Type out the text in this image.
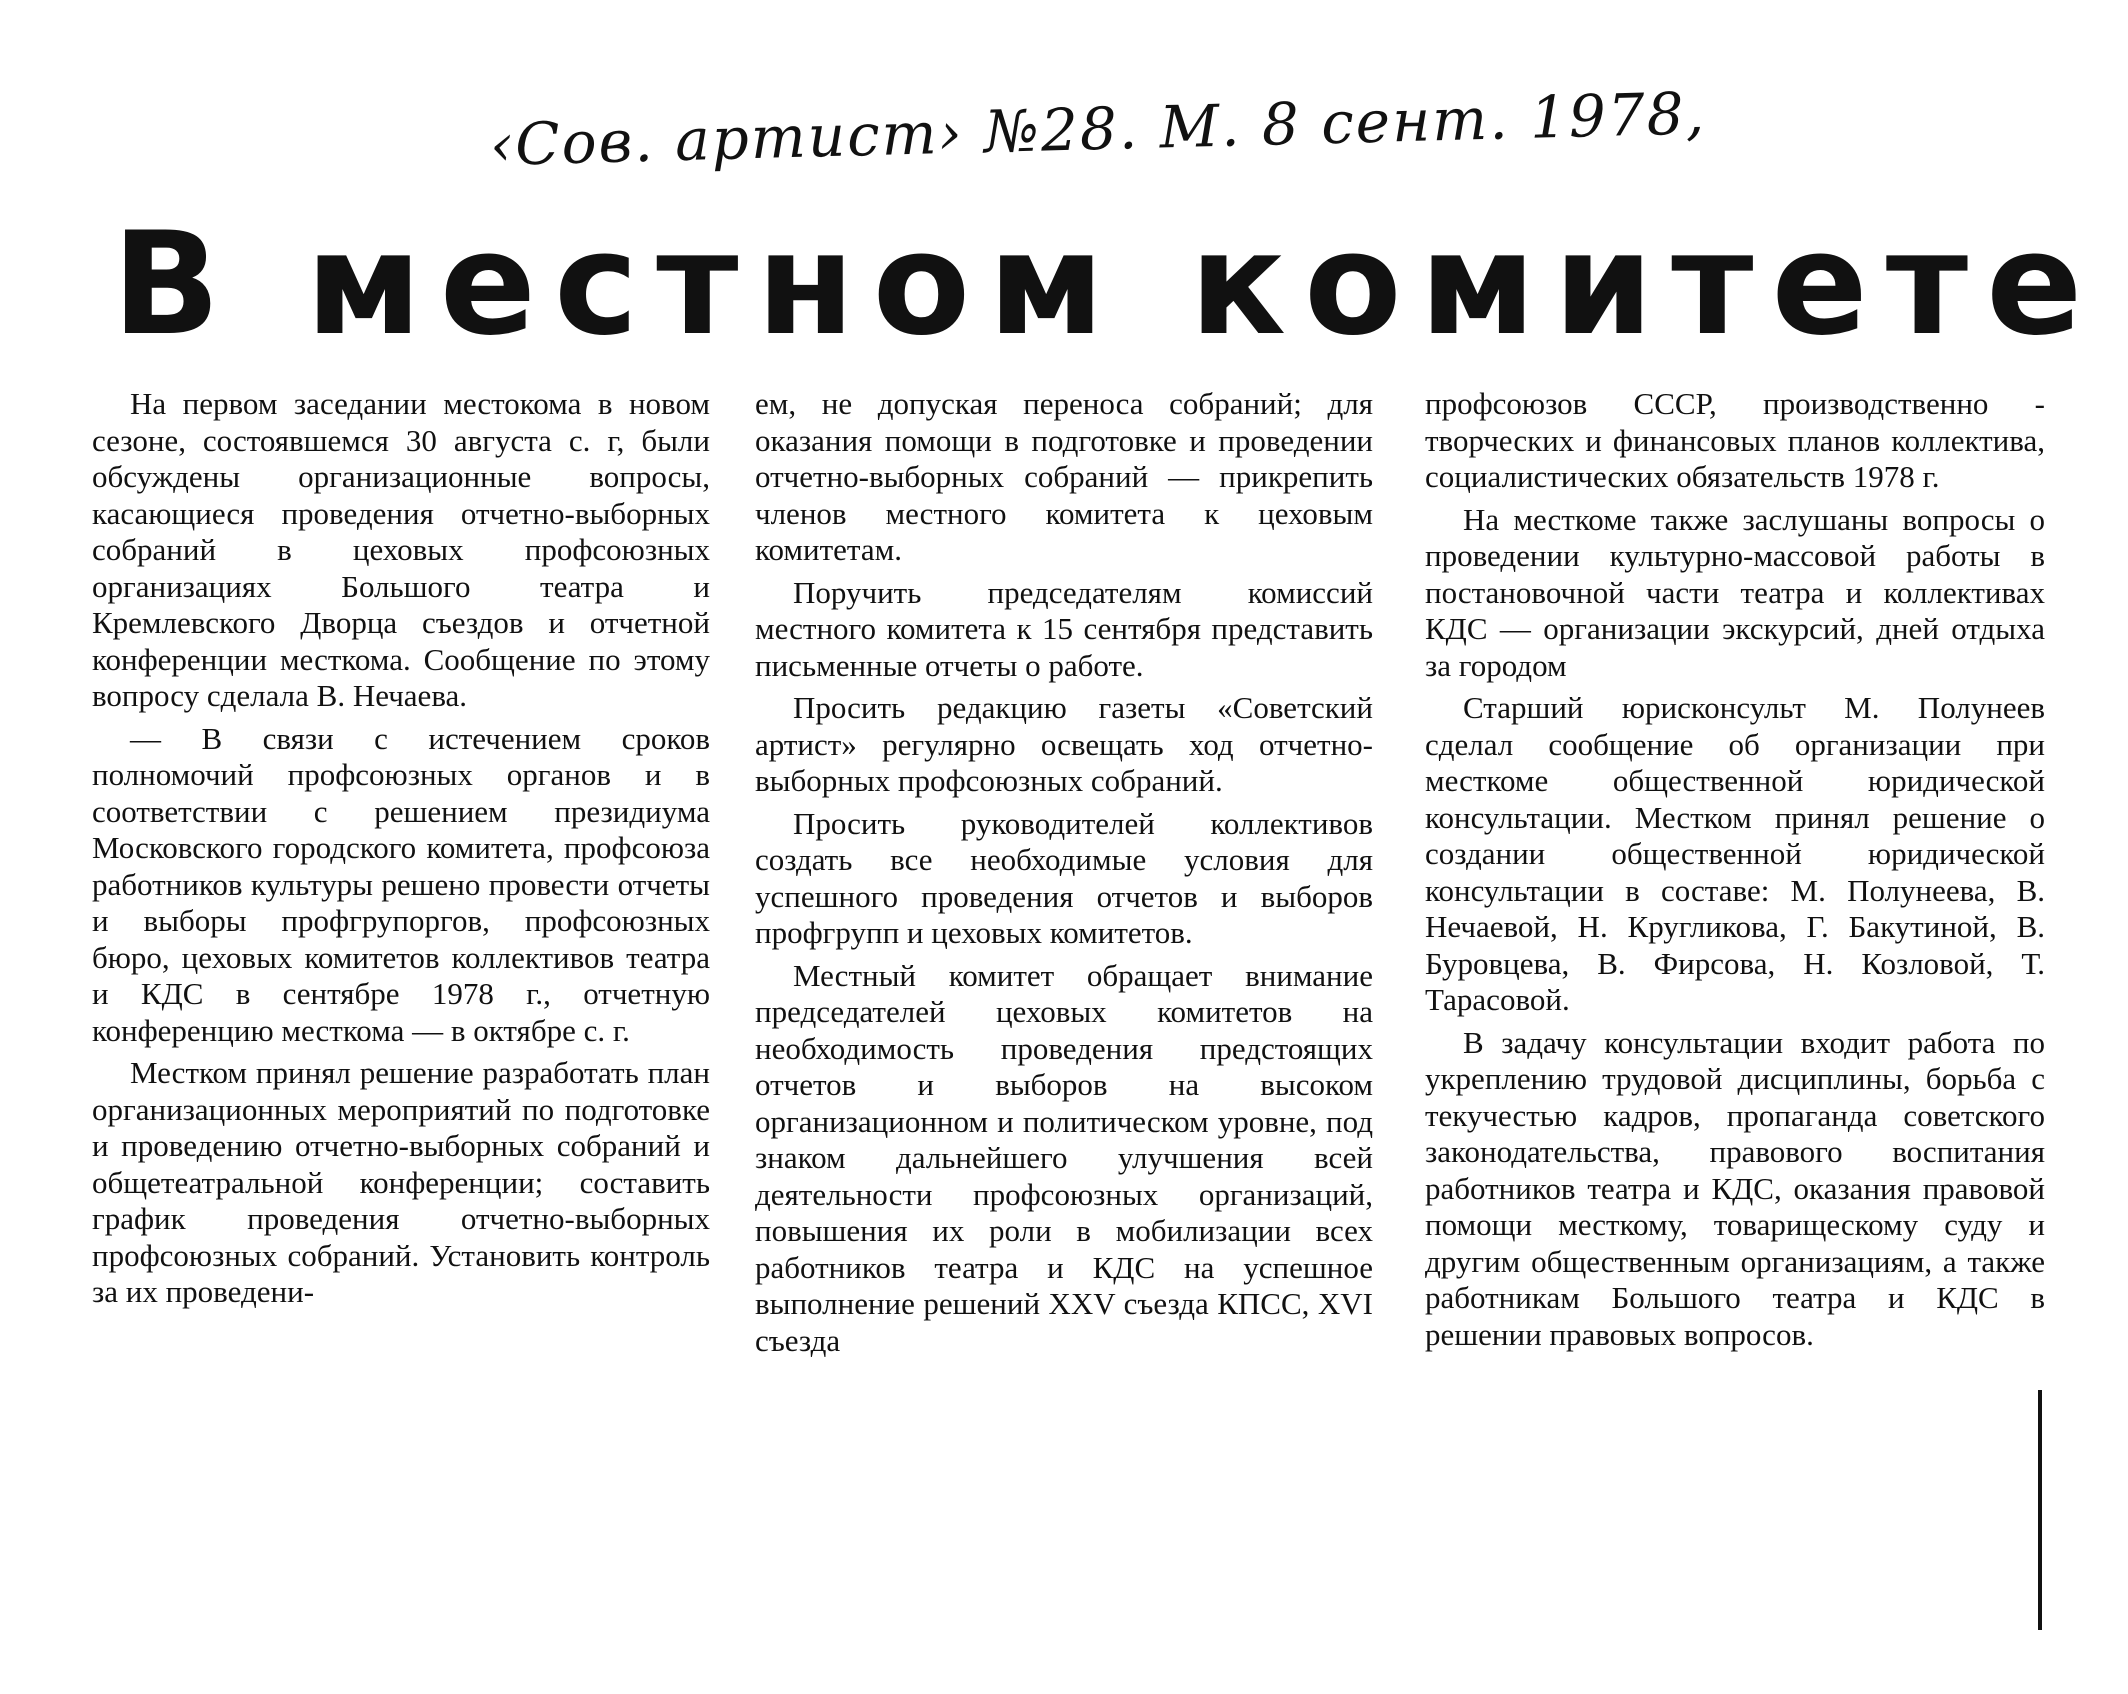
‹Сов. артист› №28. М. 8 сент. 1978,
В местном комитете

На первом заседании местокома в новом сезоне, состоявшемся 30 августа с. г, были обсуждены организационные вопросы, касающиеся проведения отчетно-выборных собраний в цеховых профсоюзных организациях Большого театра и Кремлевского Дворца съездов и отчетной конференции месткома. Сообщение по этому вопросу сделала В. Нечаева.

— В связи с истечением сроков полномочий профсоюзных органов и в соответствии с решением президиума Московского городского комитета, профсоюза работников культуры решено провести отчеты и выборы профгрупоргов, профсоюзных бюро, цеховых комитетов коллективов театра и КДС в сентябре 1978 г., отчетную конференцию месткома — в октябре с. г.

Местком принял решение разработать план организационных мероприятий по подготовке и проведению отчетно-выборных собраний и общетеатральной конференции; составить график проведения отчетно-выборных профсоюзных собраний. Установить контроль за их проведени-

ем, не допуская переноса собраний; для оказания помощи в подготовке и проведении отчетно-выборных собраний — прикрепить членов местного комитета к цеховым комитетам.

Поручить председателям комиссий местного комитета к 15 сентября представить письменные отчеты о работе.

Просить редакцию газеты «Советский артист» регулярно освещать ход отчетно-выборных профсоюзных собраний.

Просить руководителей коллективов создать все необходимые условия для успешного проведения отчетов и выборов профгрупп и цеховых комитетов.

Местный комитет обращает внимание председателей цеховых комитетов на необходимость проведения предстоящих отчетов и выборов на высоком организационном и политическом уровне, под знаком дальнейшего улучшения всей деятельности профсоюзных организаций, повышения их роли в мобилизации всех работников театра и КДС на успешное выполнение решений XXV съезда КПСС, XVI съезда

профсоюзов СССР, производственно - творческих и финансовых планов коллектива, социалистических обязательств 1978 г.

На месткоме также заслушаны вопросы о проведении культурно-массовой работы в постановочной части театра и коллективах КДС — организации экскурсий, дней отдыха за городом

Старший юрисконсульт М. Полунеев сделал сообщение об организации при месткоме общественной юридической консультации. Местком принял решение о создании общественной юридической консультации в составе: М. Полунеева, В. Нечаевой, Н. Кругликова, Г. Бакутиной, В. Буровцева, В. Фирсова, Н. Козловой, Т. Тарасовой.

В задачу консультации входит работа по укреплению трудовой дисциплины, борьба с текучестью кадров, пропаганда советского законодательства, правового воспитания работников театра и КДС, оказания правовой помощи месткому, товарищескому суду и другим общественным организациям, а также работникам Большого театра и КДС в решении правовых вопросов.
